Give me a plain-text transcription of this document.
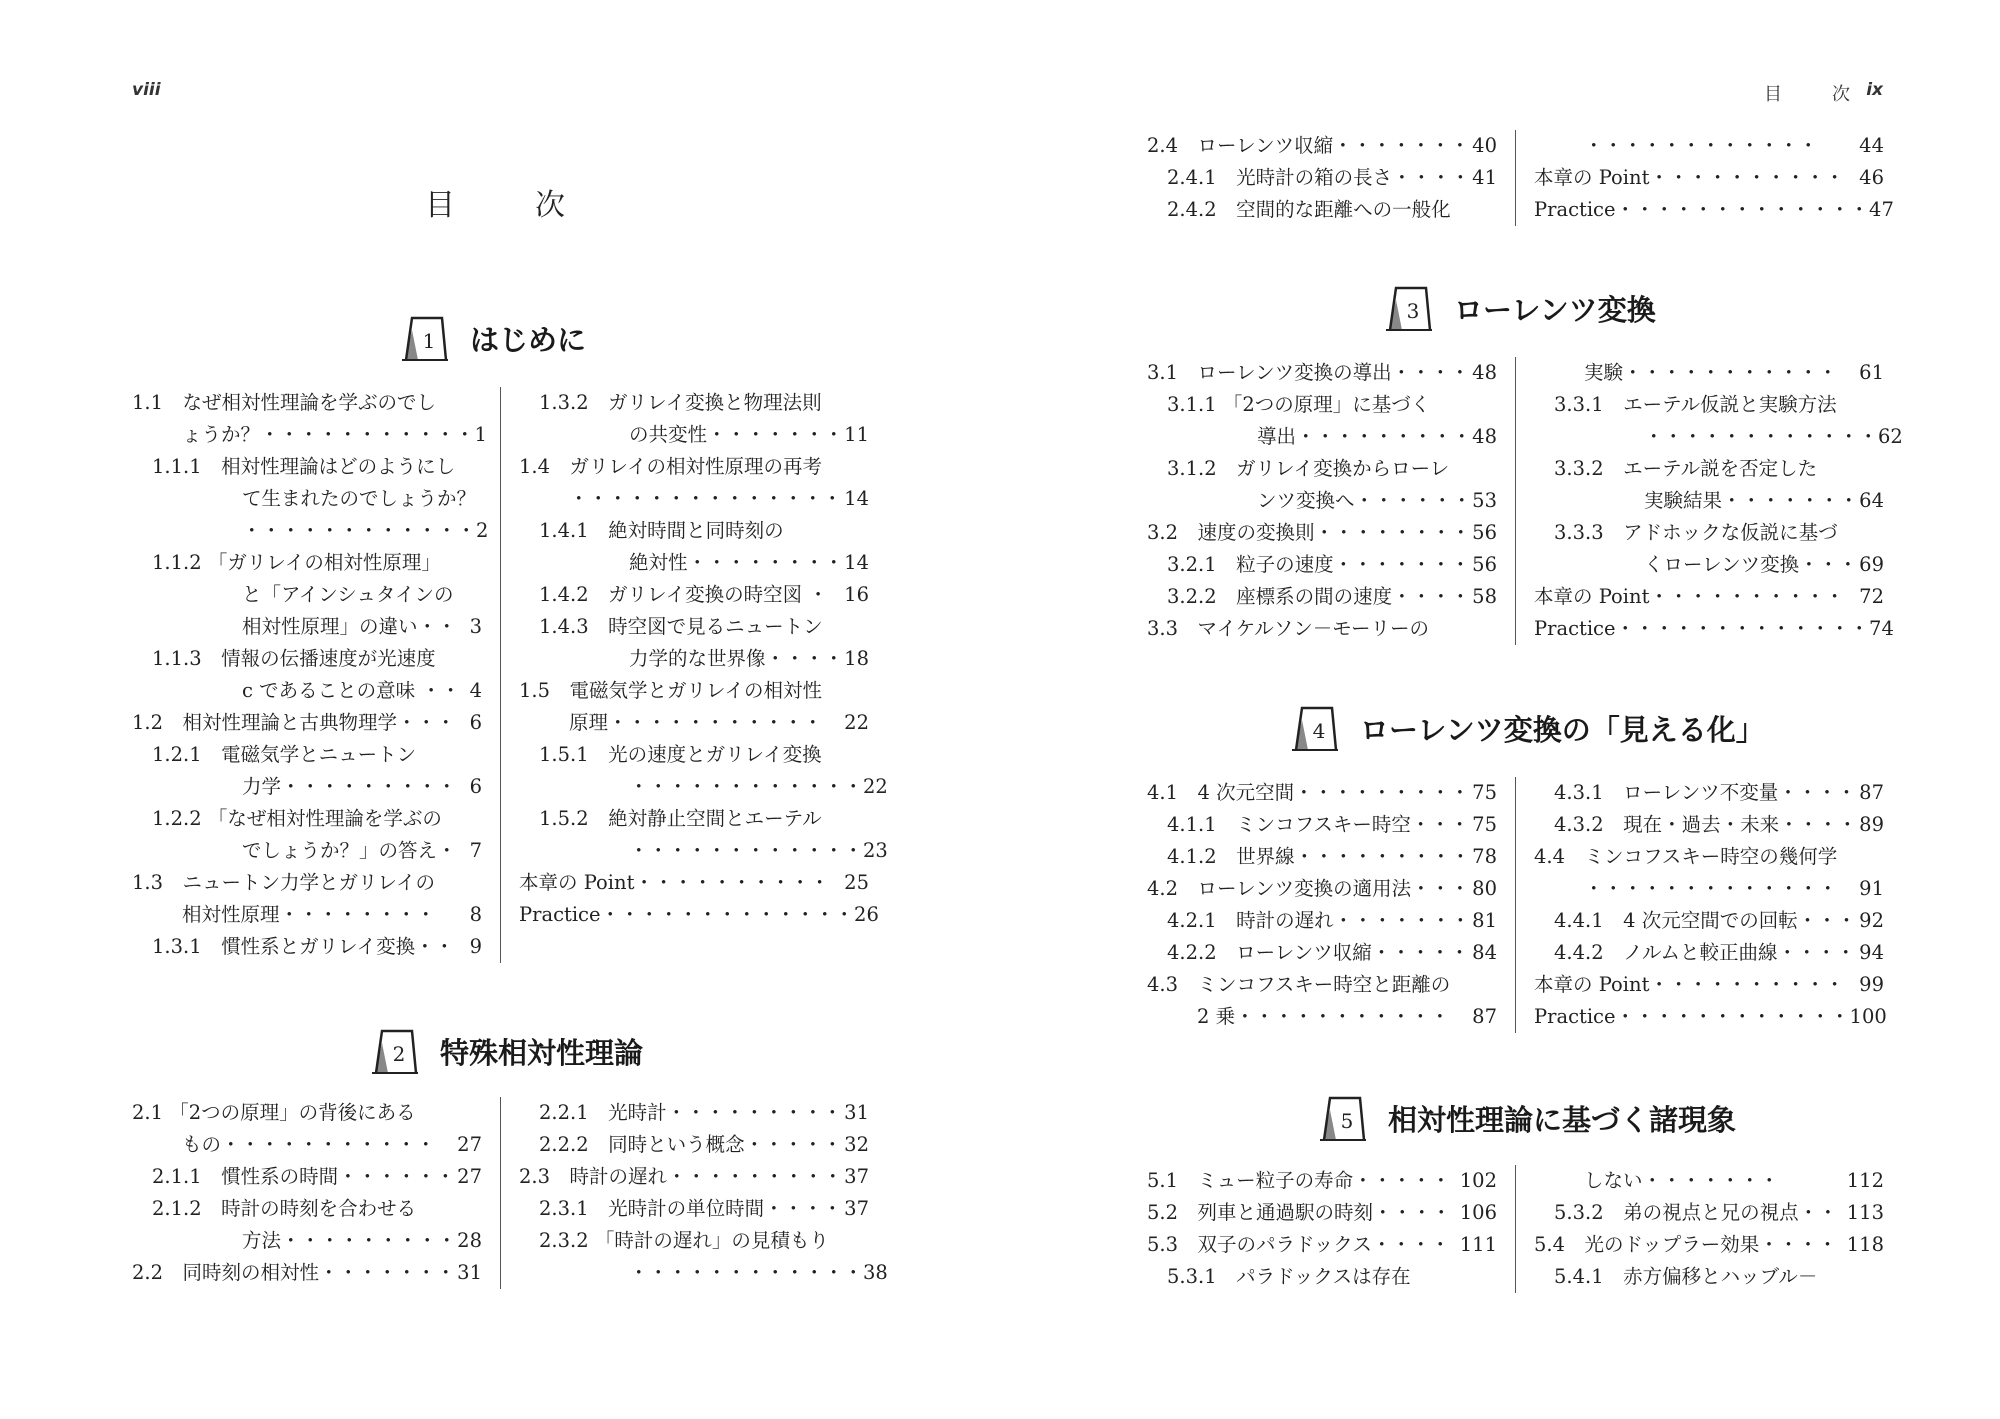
viii	目	次 ix
目	次
1 はじめに
2 特殊相対性理論
3 ローレンツ変換
4 ローレンツ変換の「見える化」
5 相対性理論に基づく諸現象
1.1　なぜ相対性理論を学ぶのでし
ょうか？・・・・・・・・・・・ 1
1.1.1　相対性理論はどのようにし
て生まれたのでしょうか？
・・・・・・・・・・・・ 2
1.1.2 「ガリレイの相対性原理」
と「アインシュタインの
相対性原理」の違い・・ 3
1.1.3　情報の伝播速度が光速度
c であることの意味 ・・ 4
1.2　相対性理論と古典物理学・・・ 6
1.2.1　電磁気学とニュートン
力学・・・・・・・・・ 6
1.2.2 「なぜ相対性理論を学ぶの
でしょうか？」の答え・ 7
1.3　ニュートン力学とガリレイの
相対性原理・・・・・・・・ 8
1.3.1　慣性系とガリレイ変換・・ 9
1.3.2　ガリレイ変換と物理法則
の共変性・・・・・・・ 11
1.4　ガリレイの相対性原理の再考
・・・・・・・・・・・・・・ 14
1.4.1　絶対時間と同時刻の
絶対性・・・・・・・・ 14
1.4.2　ガリレイ変換の時空図 ・ 16
1.4.3　時空図で見るニュートン
力学的な世界像・・・・ 18
1.5　電磁気学とガリレイの相対性
原理・・・・・・・・・・・ 22
1.5.1　光の速度とガリレイ変換
・・・・・・・・・・・・ 22
1.5.2　絶対静止空間とエーテル
・・・・・・・・・・・・ 23
本章の Point・・・・・・・・・・ 25
Practice・・・・・・・・・・・・・ 26
2.1 「2つの原理」の背後にある
もの・・・・・・・・・・・ 27
2.1.1　慣性系の時間・・・・・・ 27
2.1.2　時計の時刻を合わせる
方法・・・・・・・・・ 28
2.2　同時刻の相対性・・・・・・・ 31
2.2.1　光時計・・・・・・・・・ 31
2.2.2　同時という概念・・・・・ 32
2.3　時計の遅れ・・・・・・・・・ 37
2.3.1　光時計の単位時間・・・・ 37
2.3.2 「時計の遅れ」の見積もり
・・・・・・・・・・・・ 38
2.4　ローレンツ収縮・・・・・・・ 40
2.4.1　光時計の箱の長さ・・・・ 41
2.4.2　空間的な距離への一般化
・・・・・・・・・・・・ 44
本章の Point・・・・・・・・・・ 46
Practice・・・・・・・・・・・・・ 47
3.1　ローレンツ変換の導出・・・・ 48
3.1.1 「2つの原理」に基づく
導出・・・・・・・・・ 48
3.1.2　ガリレイ変換からローレ
ンツ変換へ・・・・・・ 53
3.2　速度の変換則・・・・・・・・ 56
3.2.1　粒子の速度・・・・・・・ 56
3.2.2　座標系の間の速度・・・・ 58
3.3　マイケルソン－モーリーの
実験・・・・・・・・・・・ 61
3.3.1　エーテル仮説と実験方法
・・・・・・・・・・・・ 62
3.3.2　エーテル説を否定した
実験結果・・・・・・・ 64
3.3.3　アドホックな仮説に基づ
くローレンツ変換・・・ 69
本章の Point・・・・・・・・・・ 72
Practice・・・・・・・・・・・・・ 74
4.1　4 次元空間・・・・・・・・・ 75
4.1.1　ミンコフスキー時空・・・ 75
4.1.2　世界線・・・・・・・・・ 78
4.2　ローレンツ変換の適用法・・・ 80
4.2.1　時計の遅れ・・・・・・・ 81
4.2.2　ローレンツ収縮・・・・・ 84
4.3　ミンコフスキー時空と距離の
2 乗・・・・・・・・・・・ 87
4.3.1　ローレンツ不変量・・・・ 87
4.3.2　現在・過去・未来・・・・ 89
4.4　ミンコフスキー時空の幾何学
・・・・・・・・・・・・・ 91
4.4.1　4 次元空間での回転・・・ 92
4.4.2　ノルムと較正曲線・・・・ 94
本章の Point・・・・・・・・・・ 99
Practice・・・・・・・・・・・・ 100
5.1　ミュー粒子の寿命・・・・・ 102
5.2　列車と通過駅の時刻・・・・ 106
5.3　双子のパラドックス・・・・ 111
5.3.1　パラドックスは存在
しない・・・・・・・	112
5.3.2　弟の視点と兄の視点・・ 113
5.4　光のドップラー効果・・・・ 118
5.4.1　赤方偏移とハッブル－
